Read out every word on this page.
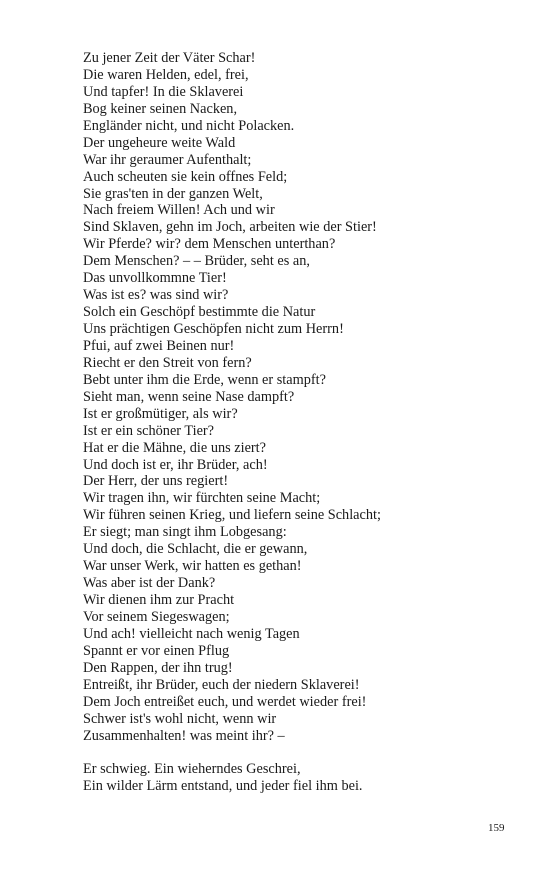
Zu jener Zeit der Väter Schar!
Die waren Helden, edel, frei,
Und tapfer! In die Sklaverei
Bog keiner seinen Nacken,
Engländer nicht, und nicht Polacken.
Der ungeheure weite Wald
War ihr geraumer Aufenthalt;
Auch scheuten sie kein offnes Feld;
Sie gras'ten in der ganzen Welt,
Nach freiem Willen! Ach und wir
Sind Sklaven, gehn im Joch, arbeiten wie der Stier!
Wir Pferde? wir? dem Menschen unterthan?
Dem Menschen? – – Brüder, seht es an,
Das unvollkommne Tier!
Was ist es? was sind wir?
Solch ein Geschöpf bestimmte die Natur
Uns prächtigen Geschöpfen nicht zum Herrn!
Pfui, auf zwei Beinen nur!
Riecht er den Streit von fern?
Bebt unter ihm die Erde, wenn er stampft?
Sieht man, wenn seine Nase dampft?
Ist er großmütiger, als wir?
Ist er ein schöner Tier?
Hat er die Mähne, die uns ziert?
Und doch ist er, ihr Brüder, ach!
Der Herr, der uns regiert!
Wir tragen ihn, wir fürchten seine Macht;
Wir führen seinen Krieg, und liefern seine Schlacht;
Er siegt; man singt ihm Lobgesang:
Und doch, die Schlacht, die er gewann,
War unser Werk, wir hatten es gethan!
Was aber ist der Dank?
Wir dienen ihm zur Pracht
Vor seinem Siegeswagen;
Und ach! vielleicht nach wenig Tagen
Spannt er vor einen Pflug
Den Rappen, der ihn trug!
Entreißt, ihr Brüder, euch der niedern Sklaverei!
Dem Joch entreißet euch, und werdet wieder frei!
Schwer ist's wohl nicht, wenn wir
Zusammenhalten! was meint ihr? –
Er schwieg. Ein wieherndes Geschrei,
Ein wilder Lärm entstand, und jeder fiel ihm bei.
159
